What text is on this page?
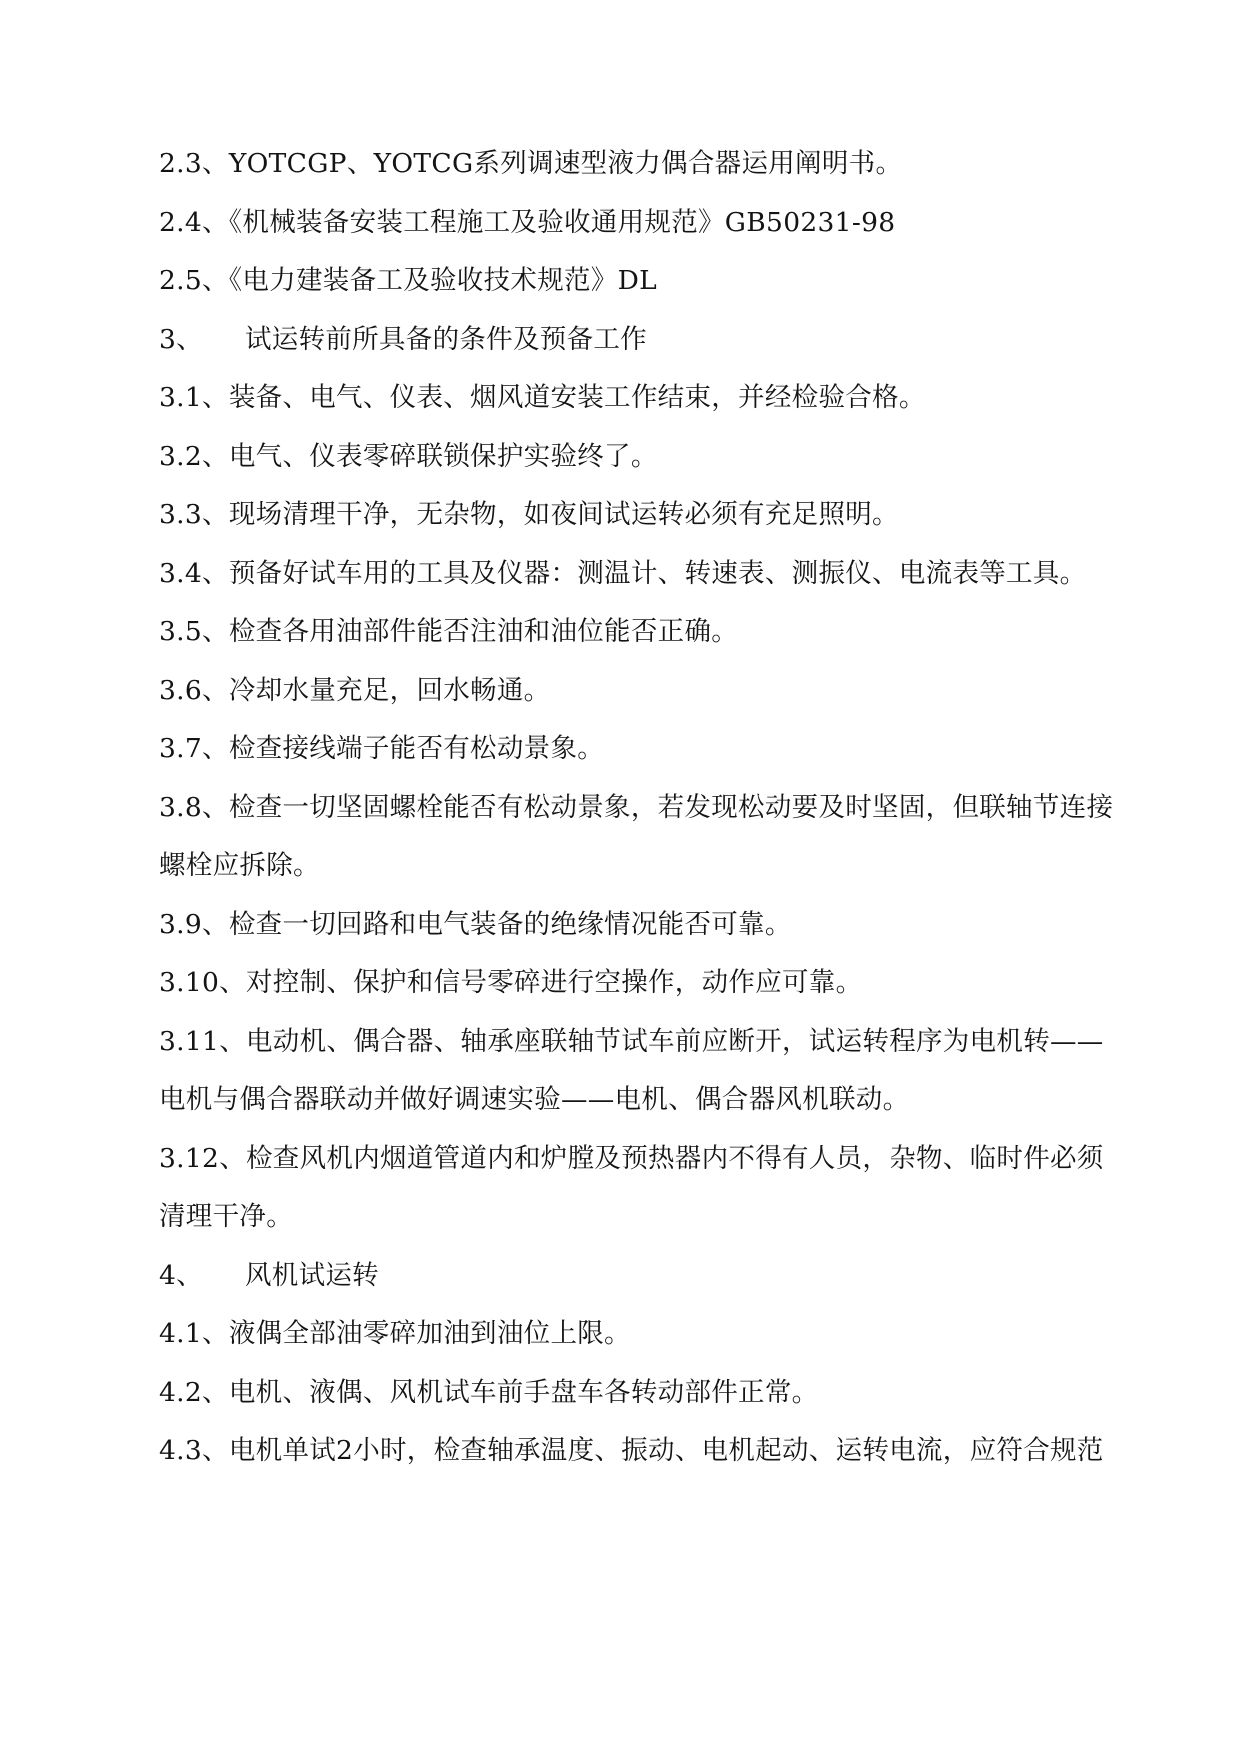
2.3、YOTCGP、YOTCG系列调速型液力偶合器运用阐明书。

2.4、《机械装备安装工程施工及验收通用规范》GB50231-98

2.5、《电力建装备工及验收技术规范》DL

3、 试运转前所具备的条件及预备工作

3.1、装备、电气、仪表、烟风道安装工作结束，并经检验合格。

3.2、电气、仪表零碎联锁保护实验终了。

3.3、现场清理干净，无杂物，如夜间试运转必须有充足照明。

3.4、预备好试车用的工具及仪器：测温计、转速表、测振仪、电流表等工具。

3.5、检查各用油部件能否注油和油位能否正确。

3.6、冷却水量充足，回水畅通。

3.7、检查接线端子能否有松动景象。

3.8、检查一切坚固螺栓能否有松动景象，若发现松动要及时坚固，但联轴节连接

螺栓应拆除。

3.9、检查一切回路和电气装备的绝缘情况能否可靠。

3.10、对控制、保护和信号零碎进行空操作，动作应可靠。

3.11、电动机、偶合器、轴承座联轴节试车前应断开，试运转程序为电机转——

电机与偶合器联动并做好调速实验——电机、偶合器风机联动。

3.12、检查风机内烟道管道内和炉膛及预热器内不得有人员，杂物、临时件必须

清理干净。

4、 风机试运转

4.1、液偶全部油零碎加油到油位上限。

4.2、电机、液偶、风机试车前手盘车各转动部件正常。

4.3、电机单试2小时，检查轴承温度、振动、电机起动、运转电流，应符合规范
